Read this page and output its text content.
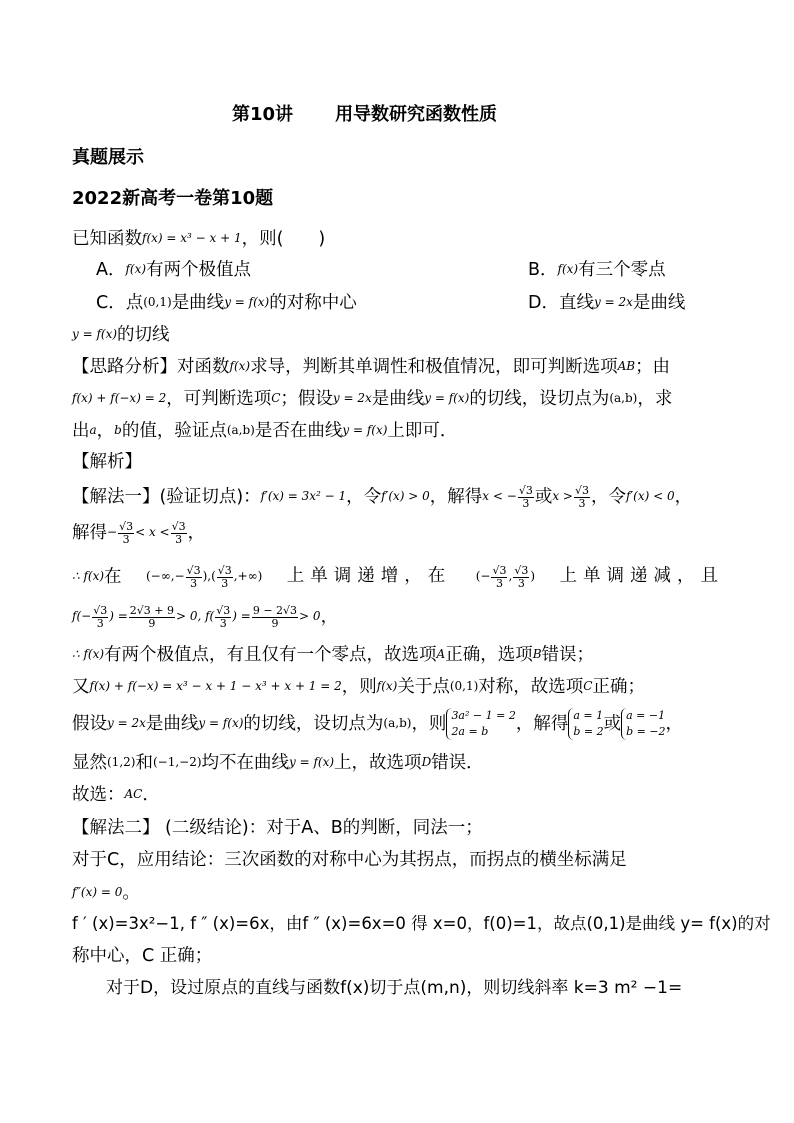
第10讲 用导数研究函数性质
真题展示
2022新高考一卷第10题
已知函数f(x) = x³ − x + 1，则(　　)
A．f(x)有两个极值点	B．f(x)有三个零点
C．点(0,1)是曲线y = f(x)的对称中心	D．直线y = 2x是曲线
y = f(x)的切线
【思路分析】对函数f(x)求导，判断其单调性和极值情况，即可判断选项AB；由
f(x) + f(−x) = 2，可判断选项C；假设y = 2x是曲线y = f(x)的切线，设切点为(a,b)，求
出a，b的值，验证点(a,b)是否在曲线y = f(x)上即可．
【解析】
【解法一】(验证切点)：f′(x) = 3x² − 1，令f′(x) > 0，解得x < − $\frac{√3}{3}$ 或$x > \frac{√3}{3}$ ，令f′(x) < 0，
解得− $\frac{√3}{3} < x < \frac{√3}{3}$ ，
∴ f(x)在 (−∞,− $\frac{√3}{3}$ ),( $\frac{√3}{3}$ ,+∞) 上单调递增，在 (− $\frac{√3}{3}$ , $\frac{√3}{3}$ ) 上单调递减，且
$f(- \frac{√3}{3}$ ) = $\frac{2√3 + 9}{9} > 0$, $f( \frac{√3}{3}$ ) = $\frac{9 - 2√3}{9} > 0$，
∴ f(x)有两个极值点，有且仅有一个零点，故选项A正确，选项B错误；
又f(x) + f(−x) = x³ − x + 1 − x³ + x + 1 = 2，则f(x)关于点(0,1)对称，故选项C正确；
假设y = 2x是曲线y = f(x)的切线，设切点为(a,b)，则 3a² − 1 = 2
2a = b	，解得 a = 1
b = 2 或 a = −1
b = −2 ，
显然(1,2)和(−1,−2)均不在曲线y = f(x)上，故选项D错误．
故选：AC．
【解法二】 (二级结论)：对于A、B的判断，同法一；
对于C，应用结论：三次函数的对称中心为其拐点，而拐点的横坐标满足
f″(x) = 0。
f ′ (x)=3x²−1, f ″ (x)=6x，由f ″ (x)=6x=0 得 x=0，f(0)=1，故点(0,1)是曲线 y= f(x)的对
称中心，C 正确；
对于D，设过原点的直线与函数f(x)切于点(m,n)，则切线斜率 k=3 m² −1=
